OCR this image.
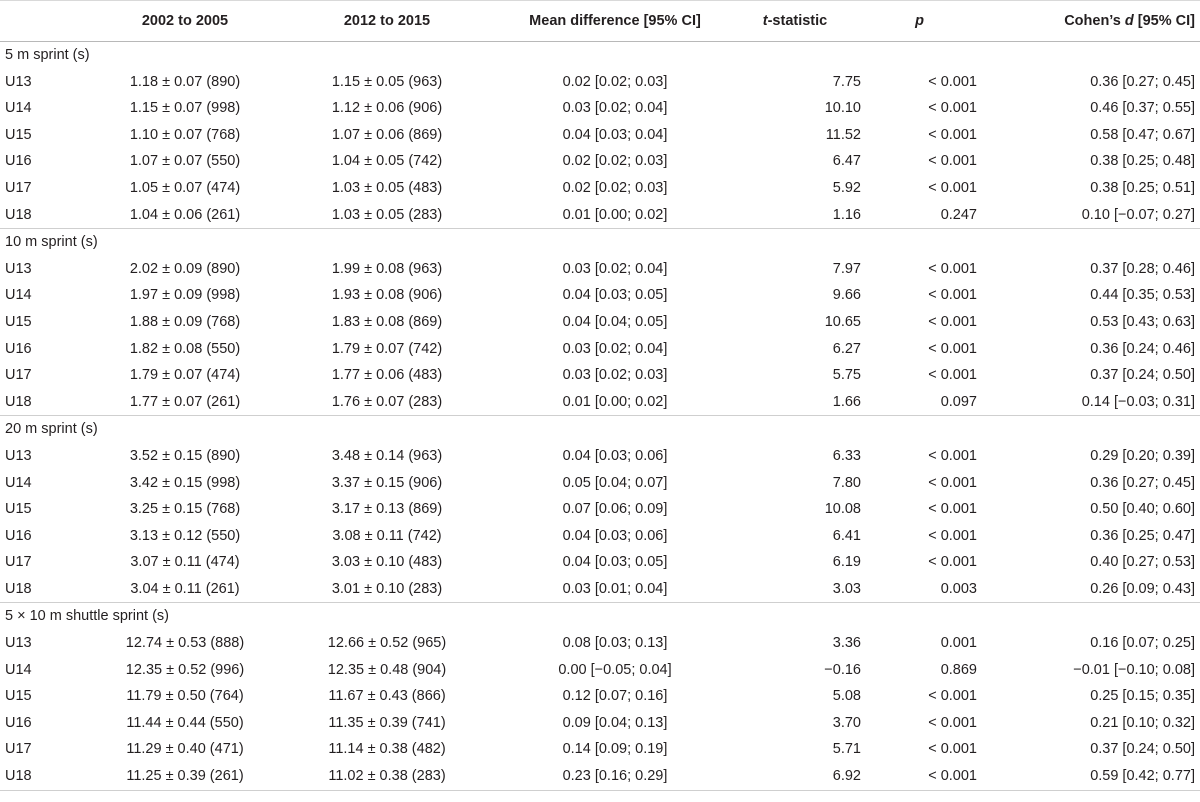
	2002 to 2005	2012 to 2015	Mean difference [95% CI]	t-statistic	p	Cohen’s d [95% CI]
5 m sprint (s)						
U13	1.18 ± 0.07 (890)	1.15 ± 0.05 (963)	0.02 [0.02; 0.03]	7.75	< 0.001	0.36 [0.27; 0.45]
U14	1.15 ± 0.07 (998)	1.12 ± 0.06 (906)	0.03 [0.02; 0.04]	10.10	< 0.001	0.46 [0.37; 0.55]
U15	1.10 ± 0.07 (768)	1.07 ± 0.06 (869)	0.04 [0.03; 0.04]	11.52	< 0.001	0.58 [0.47; 0.67]
U16	1.07 ± 0.07 (550)	1.04 ± 0.05 (742)	0.02 [0.02; 0.03]	6.47	< 0.001	0.38 [0.25; 0.48]
U17	1.05 ± 0.07 (474)	1.03 ± 0.05 (483)	0.02 [0.02; 0.03]	5.92	< 0.001	0.38 [0.25; 0.51]
U18	1.04 ± 0.06 (261)	1.03 ± 0.05 (283)	0.01 [0.00; 0.02]	1.16	0.247	0.10 [−0.07; 0.27]
10 m sprint (s)						
U13	2.02 ± 0.09 (890)	1.99 ± 0.08 (963)	0.03 [0.02; 0.04]	7.97	< 0.001	0.37 [0.28; 0.46]
U14	1.97 ± 0.09 (998)	1.93 ± 0.08 (906)	0.04 [0.03; 0.05]	9.66	< 0.001	0.44 [0.35; 0.53]
U15	1.88 ± 0.09 (768)	1.83 ± 0.08 (869)	0.04 [0.04; 0.05]	10.65	< 0.001	0.53 [0.43; 0.63]
U16	1.82 ± 0.08 (550)	1.79 ± 0.07 (742)	0.03 [0.02; 0.04]	6.27	< 0.001	0.36 [0.24; 0.46]
U17	1.79 ± 0.07 (474)	1.77 ± 0.06 (483)	0.03 [0.02; 0.03]	5.75	< 0.001	0.37 [0.24; 0.50]
U18	1.77 ± 0.07 (261)	1.76 ± 0.07 (283)	0.01 [0.00; 0.02]	1.66	0.097	0.14 [−0.03; 0.31]
20 m sprint (s)						
U13	3.52 ± 0.15 (890)	3.48 ± 0.14 (963)	0.04 [0.03; 0.06]	6.33	< 0.001	0.29 [0.20; 0.39]
U14	3.42 ± 0.15 (998)	3.37 ± 0.15 (906)	0.05 [0.04; 0.07]	7.80	< 0.001	0.36 [0.27; 0.45]
U15	3.25 ± 0.15 (768)	3.17 ± 0.13 (869)	0.07 [0.06; 0.09]	10.08	< 0.001	0.50 [0.40; 0.60]
U16	3.13 ± 0.12 (550)	3.08 ± 0.11 (742)	0.04 [0.03; 0.06]	6.41	< 0.001	0.36 [0.25; 0.47]
U17	3.07 ± 0.11 (474)	3.03 ± 0.10 (483)	0.04 [0.03; 0.05]	6.19	< 0.001	0.40 [0.27; 0.53]
U18	3.04 ± 0.11 (261)	3.01 ± 0.10 (283)	0.03 [0.01; 0.04]	3.03	0.003	0.26 [0.09; 0.43]
5 × 10 m shuttle sprint (s)						
U13	12.74 ± 0.53 (888)	12.66 ± 0.52 (965)	0.08 [0.03; 0.13]	3.36	0.001	0.16 [0.07; 0.25]
U14	12.35 ± 0.52 (996)	12.35 ± 0.48 (904)	0.00 [−0.05; 0.04]	−0.16	0.869	−0.01 [−0.10; 0.08]
U15	11.79 ± 0.50 (764)	11.67 ± 0.43 (866)	0.12 [0.07; 0.16]	5.08	< 0.001	0.25 [0.15; 0.35]
U16	11.44 ± 0.44 (550)	11.35 ± 0.39 (741)	0.09 [0.04; 0.13]	3.70	< 0.001	0.21 [0.10; 0.32]
U17	11.29 ± 0.40 (471)	11.14 ± 0.38 (482)	0.14 [0.09; 0.19]	5.71	< 0.001	0.37 [0.24; 0.50]
U18	11.25 ± 0.39 (261)	11.02 ± 0.38 (283)	0.23 [0.16; 0.29]	6.92	< 0.001	0.59 [0.42; 0.77]
